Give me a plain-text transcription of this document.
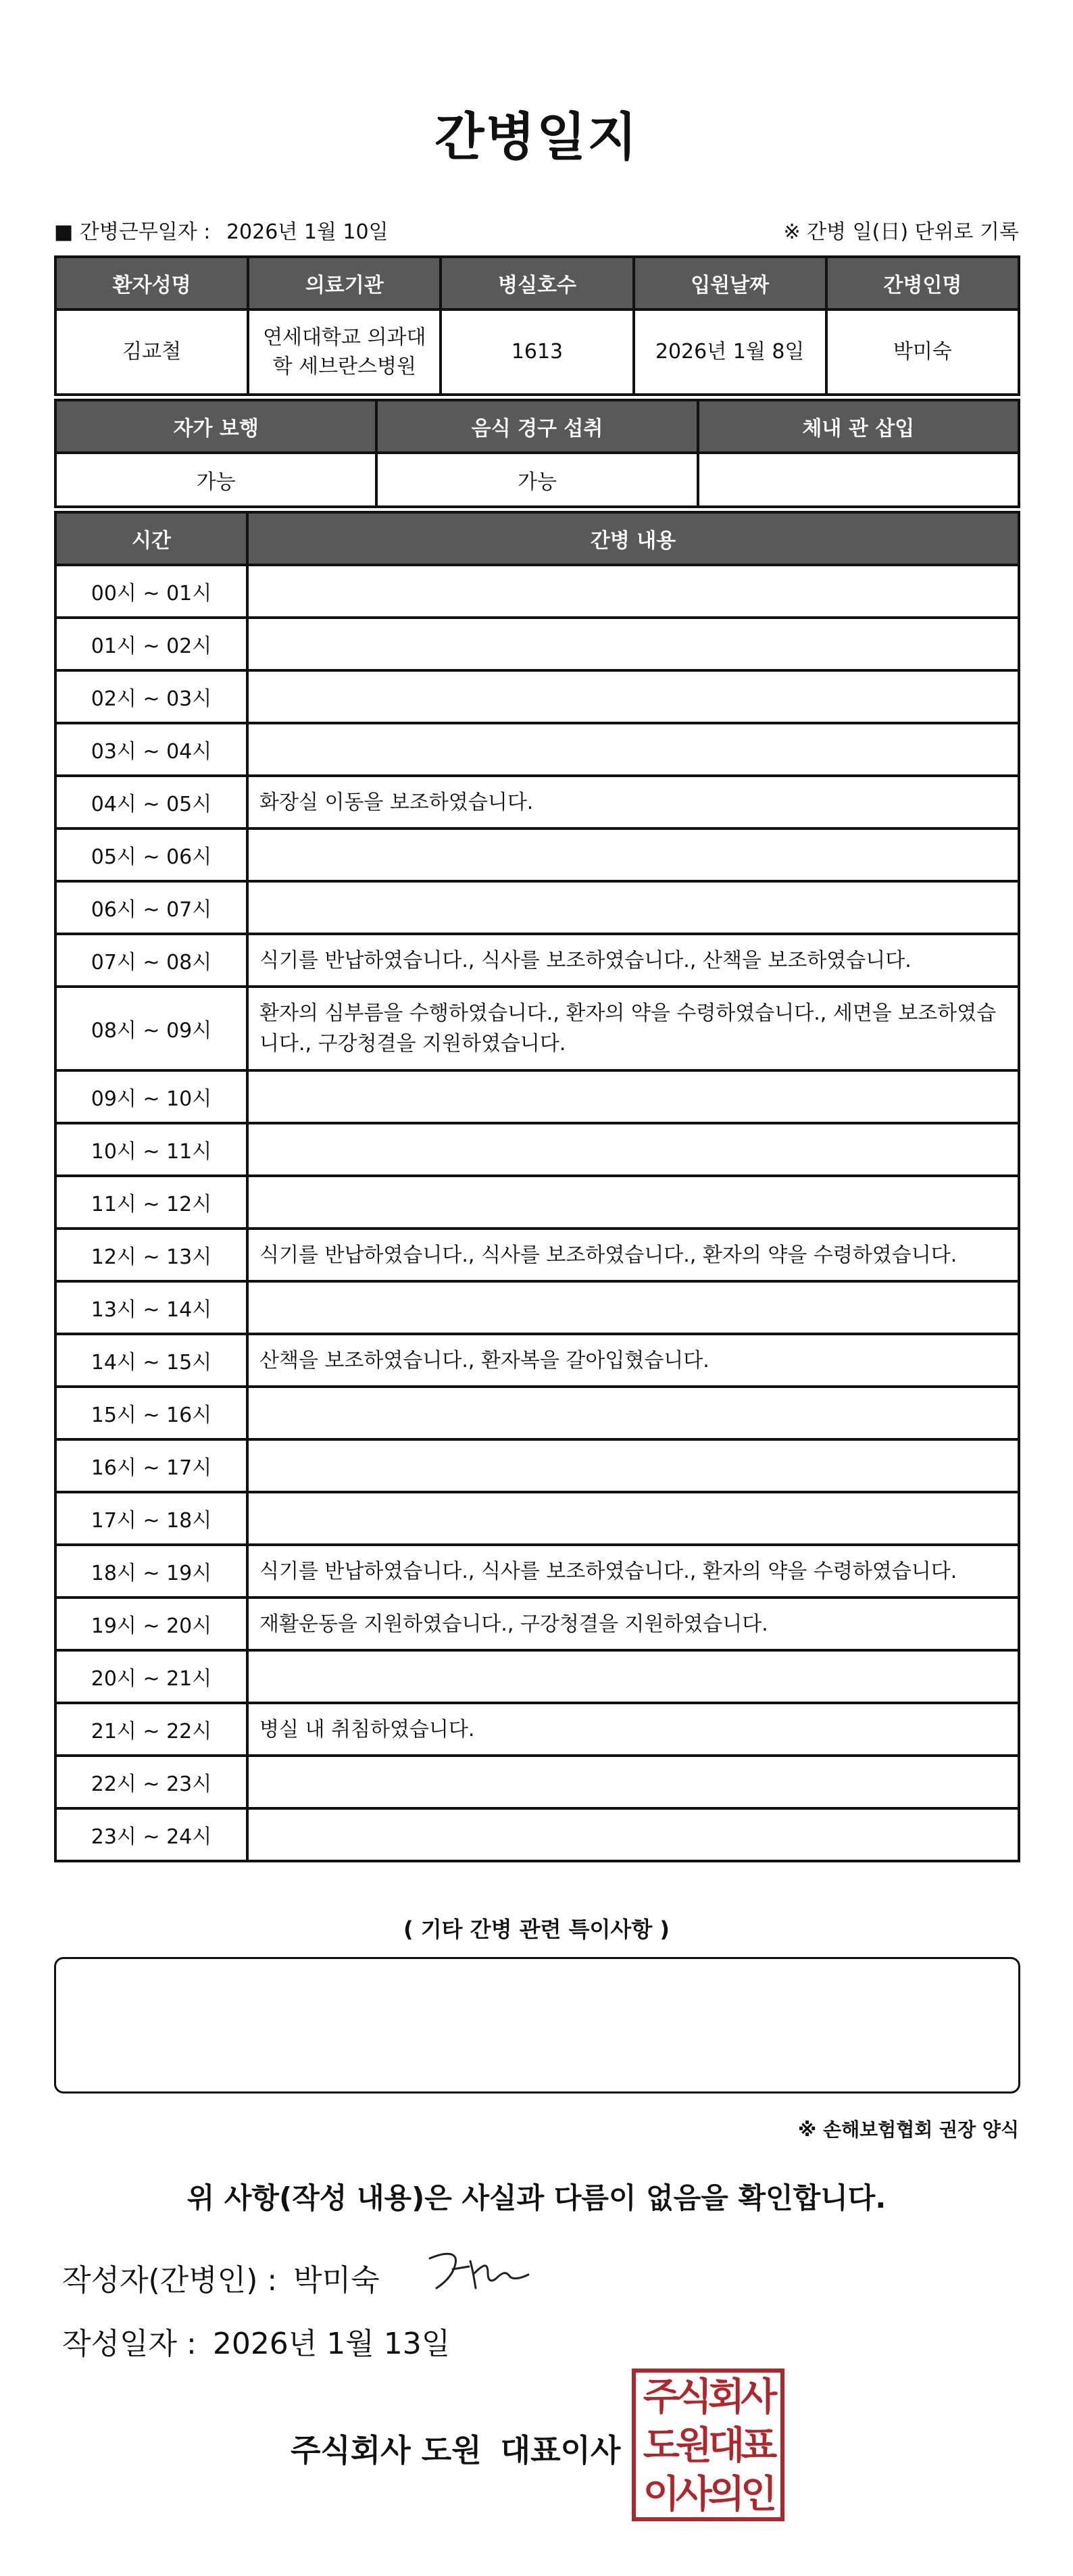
간병일지
■ 간병근무일자 : 2026년 1월 10일	※ 간병 일(日) 단위로 기록
환자성명	의료기관	병실호수	입원날짜	간병인명
김교철	연세대학교 의과대학 세브란스병원	1613	2026년 1월 8일	박미숙
자가 보행	음식 경구 섭취	체내 관 삽입
가능	가능	
시간	간병 내용
00시 ~ 01시	
01시 ~ 02시	
02시 ~ 03시	
03시 ~ 04시	
04시 ~ 05시	화장실 이동을 보조하였습니다.
05시 ~ 06시	
06시 ~ 07시	
07시 ~ 08시	식기를 반납하였습니다., 식사를 보조하였습니다., 산책을 보조하였습니다.
08시 ~ 09시	환자의 심부름을 수행하였습니다., 환자의 약을 수령하였습니다., 세면을 보조하였습니다., 구강청결을 지원하였습니다.
09시 ~ 10시	
10시 ~ 11시	
11시 ~ 12시	
12시 ~ 13시	식기를 반납하였습니다., 식사를 보조하였습니다., 환자의 약을 수령하였습니다.
13시 ~ 14시	
14시 ~ 15시	산책을 보조하였습니다., 환자복을 갈아입혔습니다.
15시 ~ 16시	
16시 ~ 17시	
17시 ~ 18시	
18시 ~ 19시	식기를 반납하였습니다., 식사를 보조하였습니다., 환자의 약을 수령하였습니다.
19시 ~ 20시	재활운동을 지원하였습니다., 구강청결을 지원하였습니다.
20시 ~ 21시	
21시 ~ 22시	병실 내 취침하였습니다.
22시 ~ 23시	
23시 ~ 24시	
( 기타 간병 관련 특이사항 )
※ 손해보험협회 권장 양식
위 사항(작성 내용)은 사실과 다름이 없음을 확인합니다.
작성자(간병인) : 박미숙
작성일자 : 2026년 1월 13일
주식회사 도원 대표이사
주식회사
도원대표
이사의인
